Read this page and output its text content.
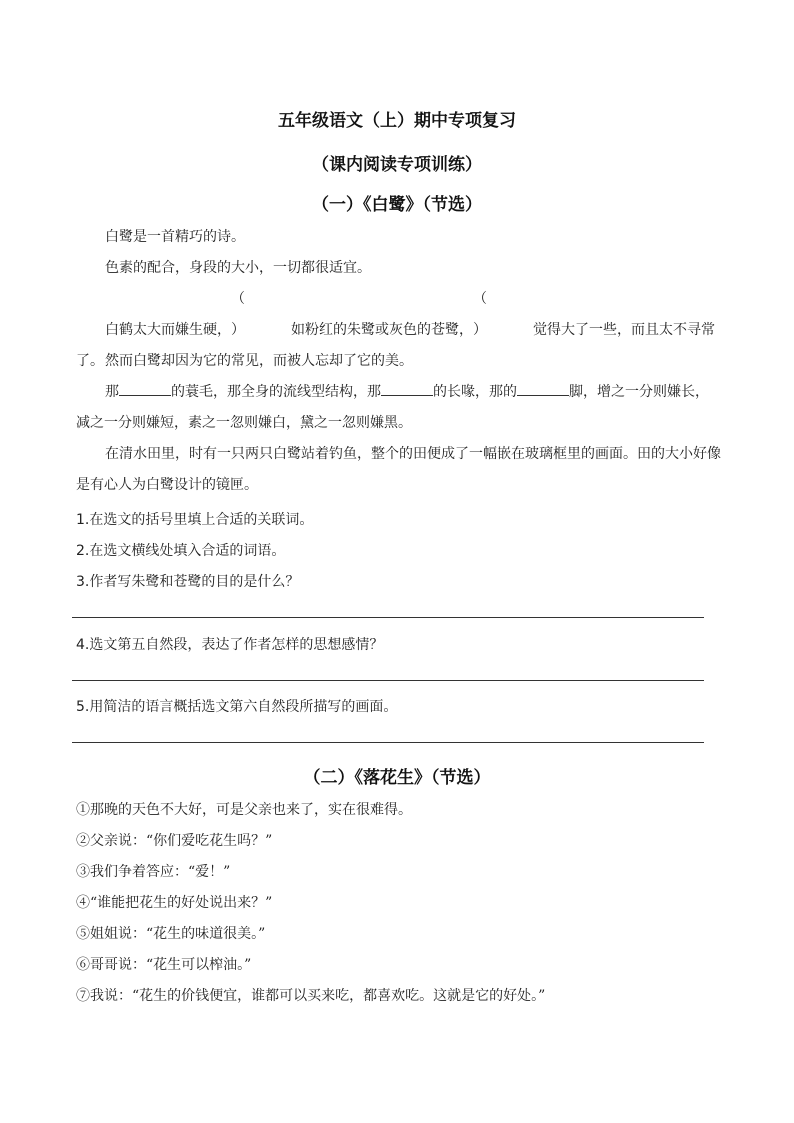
五年级语文（上）期中专项复习
（课内阅读专项训练）
（一）《白鹭》（节选）
白鹭是一首精巧的诗。
色素的配合，身段的大小，一切都很适宜。
白鹤太大而嫌生硬，（）	如粉红的朱鹭或灰色的苍鹭，（）	觉得大了一些，而且太不寻常了。 然而白鹭却因为它的常见，而被人忘却了它的美。
那	的蓑毛，那全身的流线型结构，那	的长喙，那的	脚，增之一分则嫌长，减之一分则嫌短，素之一忽则嫌白，黛之一忽则嫌黑。
在清水田里，时有一只两只白鹭站着钓鱼，整个的田便成了一幅嵌在玻璃框里的画面。田的大小好像是有心人为白鹭设计的镜匣。
1.在选文的括号里填上合适的关联词。
2.在选文横线处填入合适的词语。
3.作者写朱鹭和苍鹭的目的是什么？
4.选文第五自然段，表达了作者怎样的思想感情？
5.用简洁的语言概括选文第六自然段所描写的画面。
（二）《落花生》（节选）
①那晚的天色不大好，可是父亲也来了，实在很难得。
②父亲说：“你们爱吃花生吗？”
③我们争着答应：“爱！”
④“谁能把花生的好处说出来？”
⑤姐姐说：“花生的味道很美。”
⑥哥哥说：“花生可以榨油。”
⑦我说：“花生的价钱便宜，谁都可以买来吃，都喜欢吃。这就是它的好处。”
